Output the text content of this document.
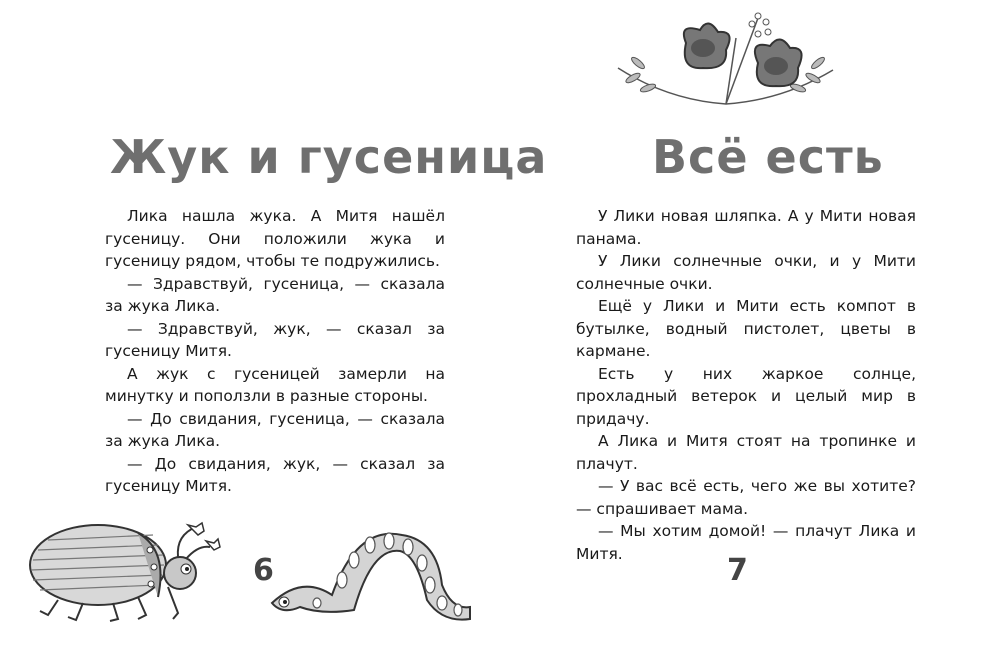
Жук и гусеница

Лика нашла жука. А Митя нашёл гусеницу. Они положили жука и гусеницу рядом, чтобы те подружились.

— Здравствуй, гусеница, — сказала за жука Лика.

— Здравствуй, жук, — сказал за гусеницу Митя.

А жук с гусеницей замерли на минутку и поползли в разные стороны.

— До свидания, гусеница, — сказала за жука Лика.

— До свидания, жук, — сказал за гусеницу Митя.

6
Всё есть

У Лики новая шляпка. А у Мити новая панама.

У Лики солнечные очки, и у Мити солнечные очки.

Ещё у Лики и Мити есть компот в бутылке, водный пистолет, цветы в кармане.

Есть у них жаркое солнце, прохладный ветерок и целый мир в придачу.

А Лика и Митя стоят на тропинке и плачут.

— У вас всё есть, чего же вы хотите? — спрашивает мама.

— Мы хотим домой! — плачут Лика и Митя.	7
